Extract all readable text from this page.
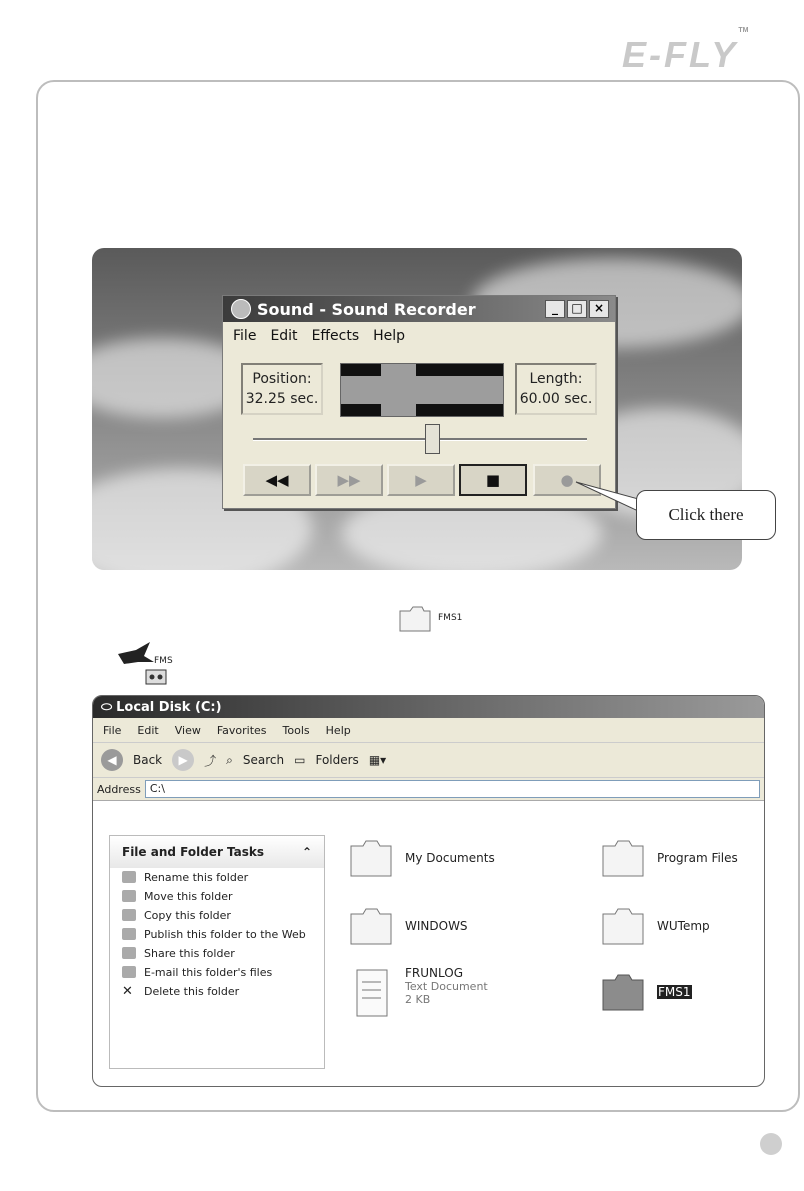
E-FLY™
Sound - Sound Recorder	_	□ ×
File Edit Effects Help
Position:
32.25 sec.
Length:
60.00 sec.
◀◀	▶▶	▶	■	●
Click there
FMS1
FMS
⬭ Local Disk (C:)
File Edit View Favorites Tools Help
◀	Back	▶	⤴ ⌕ Search ▭ Folders ▦▾
Address C:\
File and Folder Tasks	⌃
Rename this folder
Move this folder
Copy this folder
Publish this folder to the Web
Share this folder
E-mail this folder's files
✕ Delete this folder
My Documents	Program Files
WINDOWS	WUTemp
FRUNLOG
Text Document
2 KB
FMS1
